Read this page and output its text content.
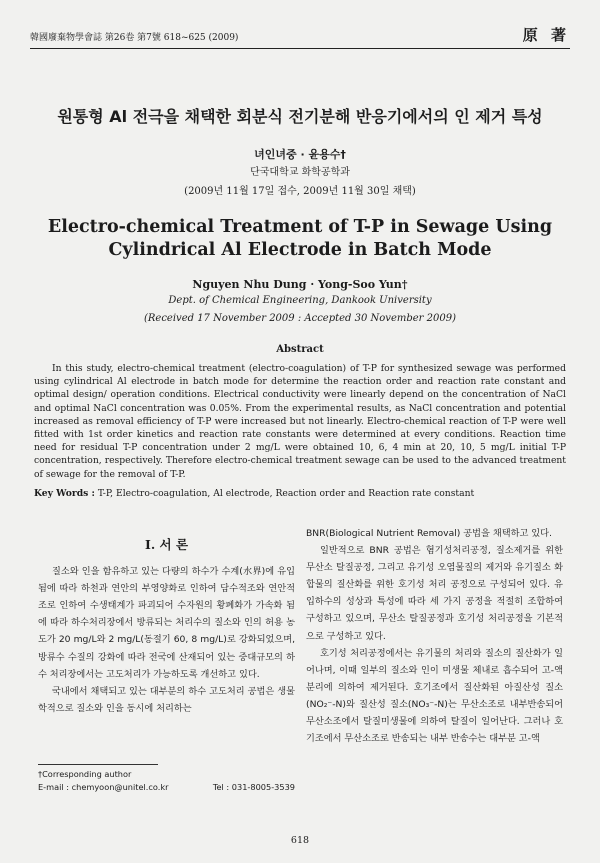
韓國廢棄物學會誌 第26卷 第7號 618~625 (2009)	原 著
원통형 Al 전극을 채택한 회분식 전기분해 반응기에서의 인 제거 특성
녀인녀중 · 윤용수†
단국대학교 화학공학과
(2009년 11월 17일 접수, 2009년 11월 30일 채택)
Electro-chemical Treatment of T-P in Sewage Using Cylindrical Al Electrode in Batch Mode
Nguyen Nhu Dung · Yong-Soo Yun†
Dept. of Chemical Engineering, Dankook University
(Received 17 November 2009 : Accepted 30 November 2009)
Abstract
In this study, electro-chemical treatment (electro-coagulation) of T-P for synthesized sewage was performed using cylindrical Al electrode in batch mode for determine the reaction order and reaction rate constant and optimal design/ operation conditions. Electrical conductivity were linearly depend on the concentration of NaCl and optimal NaCl concentration was 0.05%. From the experimental results, as NaCl concentration and potential increased as removal efficiency of T-P were increased but not linearly. Electro-chemical reaction of T-P were well fitted with 1st order kinetics and reaction rate constants were determined at every conditions. Reaction time need for residual T-P concentration under 2 mg/L were obtained 10, 6, 4 min at 20, 10, 5 mg/L initial T-P concentration, respectively. Therefore electro-chemical treatment sewage can be used to the advanced treatment of sewage for the removal of T-P.
Key Words : T-P, Electro-coagulation, Al electrode, Reaction order and Reaction rate constant
I. 서 론

질소와 인을 함유하고 있는 다량의 하수가 수계(水界)에 유입됨에 따라 하천과 연안의 부영양화로 인하여 담수적조와 연안적조로 인하여 수생태계가 파괴되어 수자원의 황폐화가 가속화 됨에 따라 하수처리장에서 방류되는 처리수의 질소와 인의 허용 농도가 20 mg/L와 2 mg/L(동절기 60, 8 mg/L)로 강화되었으며, 방류수 수질의 강화에 따라 전국에 산재되어 있는 중대규모의 하수 처리장에서는 고도처리가 가능하도록 개선하고 있다.

국내에서 채택되고 있는 대부분의 하수 고도처리 공법은 생물학적으로 질소와 인을 동시에 처리하는

BNR(Biological Nutrient Removal) 공법을 채택하고 있다.

일반적으로 BNR 공법은 혐기성처리공정, 질소제거를 위한 무산소 탈질공정, 그리고 유기성 오염물질의 제거와 유기질소 화합물의 질산화를 위한 호기성 처리 공정으로 구성되어 있다. 유입하수의 성상과 특성에 따라 세 가지 공정을 적절히 조합하여 구성하고 있으며, 무산소 탈질공정과 호기성 처리공정을 기본적으로 구성하고 있다.

호기성 처리공정에서는 유기물의 처리와 질소의 질산화가 일어나며, 이때 일부의 질소와 인이 미생물 체내로 흡수되어 고-액 분리에 의하여 제거된다. 호기조에서 질산화된 아질산성 질소(NO₂⁻-N)와 질산성 질소(NO₃⁻-N)는 무산소조로 내부반송되어 무산소조에서 탈질미생물에 의하여 탈질이 일어난다. 그러나 호기조에서 무산소조로 반송되는 내부 반송수는 대부분 고-액

†Corresponding author
E-mail : chemyoon@unitel.co.kr	Tel : 031-8005-3539
618
